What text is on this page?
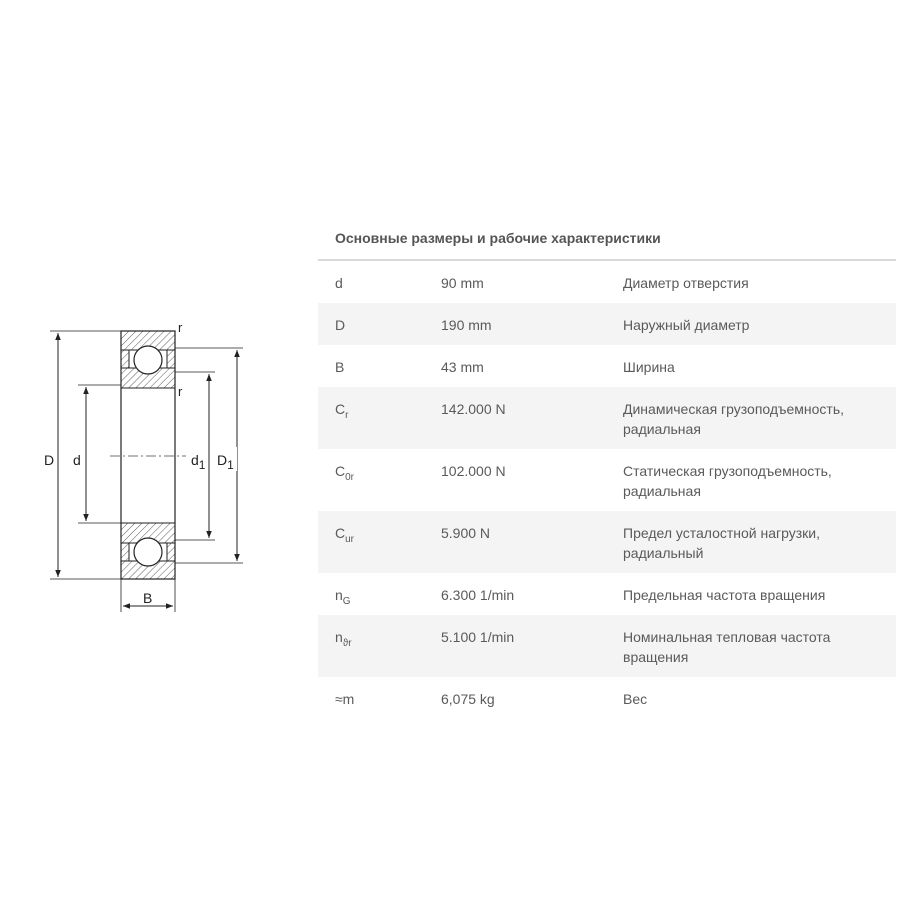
D d	d1 D1
B
r
r
Основные размеры и рабочие характеристики
d	90 mm	Диаметр отверстия
D	190 mm	Наружный диаметр
B	43 mm	Ширина
$C_r$	142.000 N	Динамическая грузоподъемность,
радиальная
$C_{0r}$	102.000 N	Статическая грузоподъемность,
радиальная
$C_{ur}$	5.900 N	Предел усталостной нагрузки,
радиальный
$n_G$	6.300 1/min	Предельная частота вращения
$n_{ϑr}$	5.100 1/min	Номинальная тепловая частота
вращения
≈m	6,075 kg	Вес
